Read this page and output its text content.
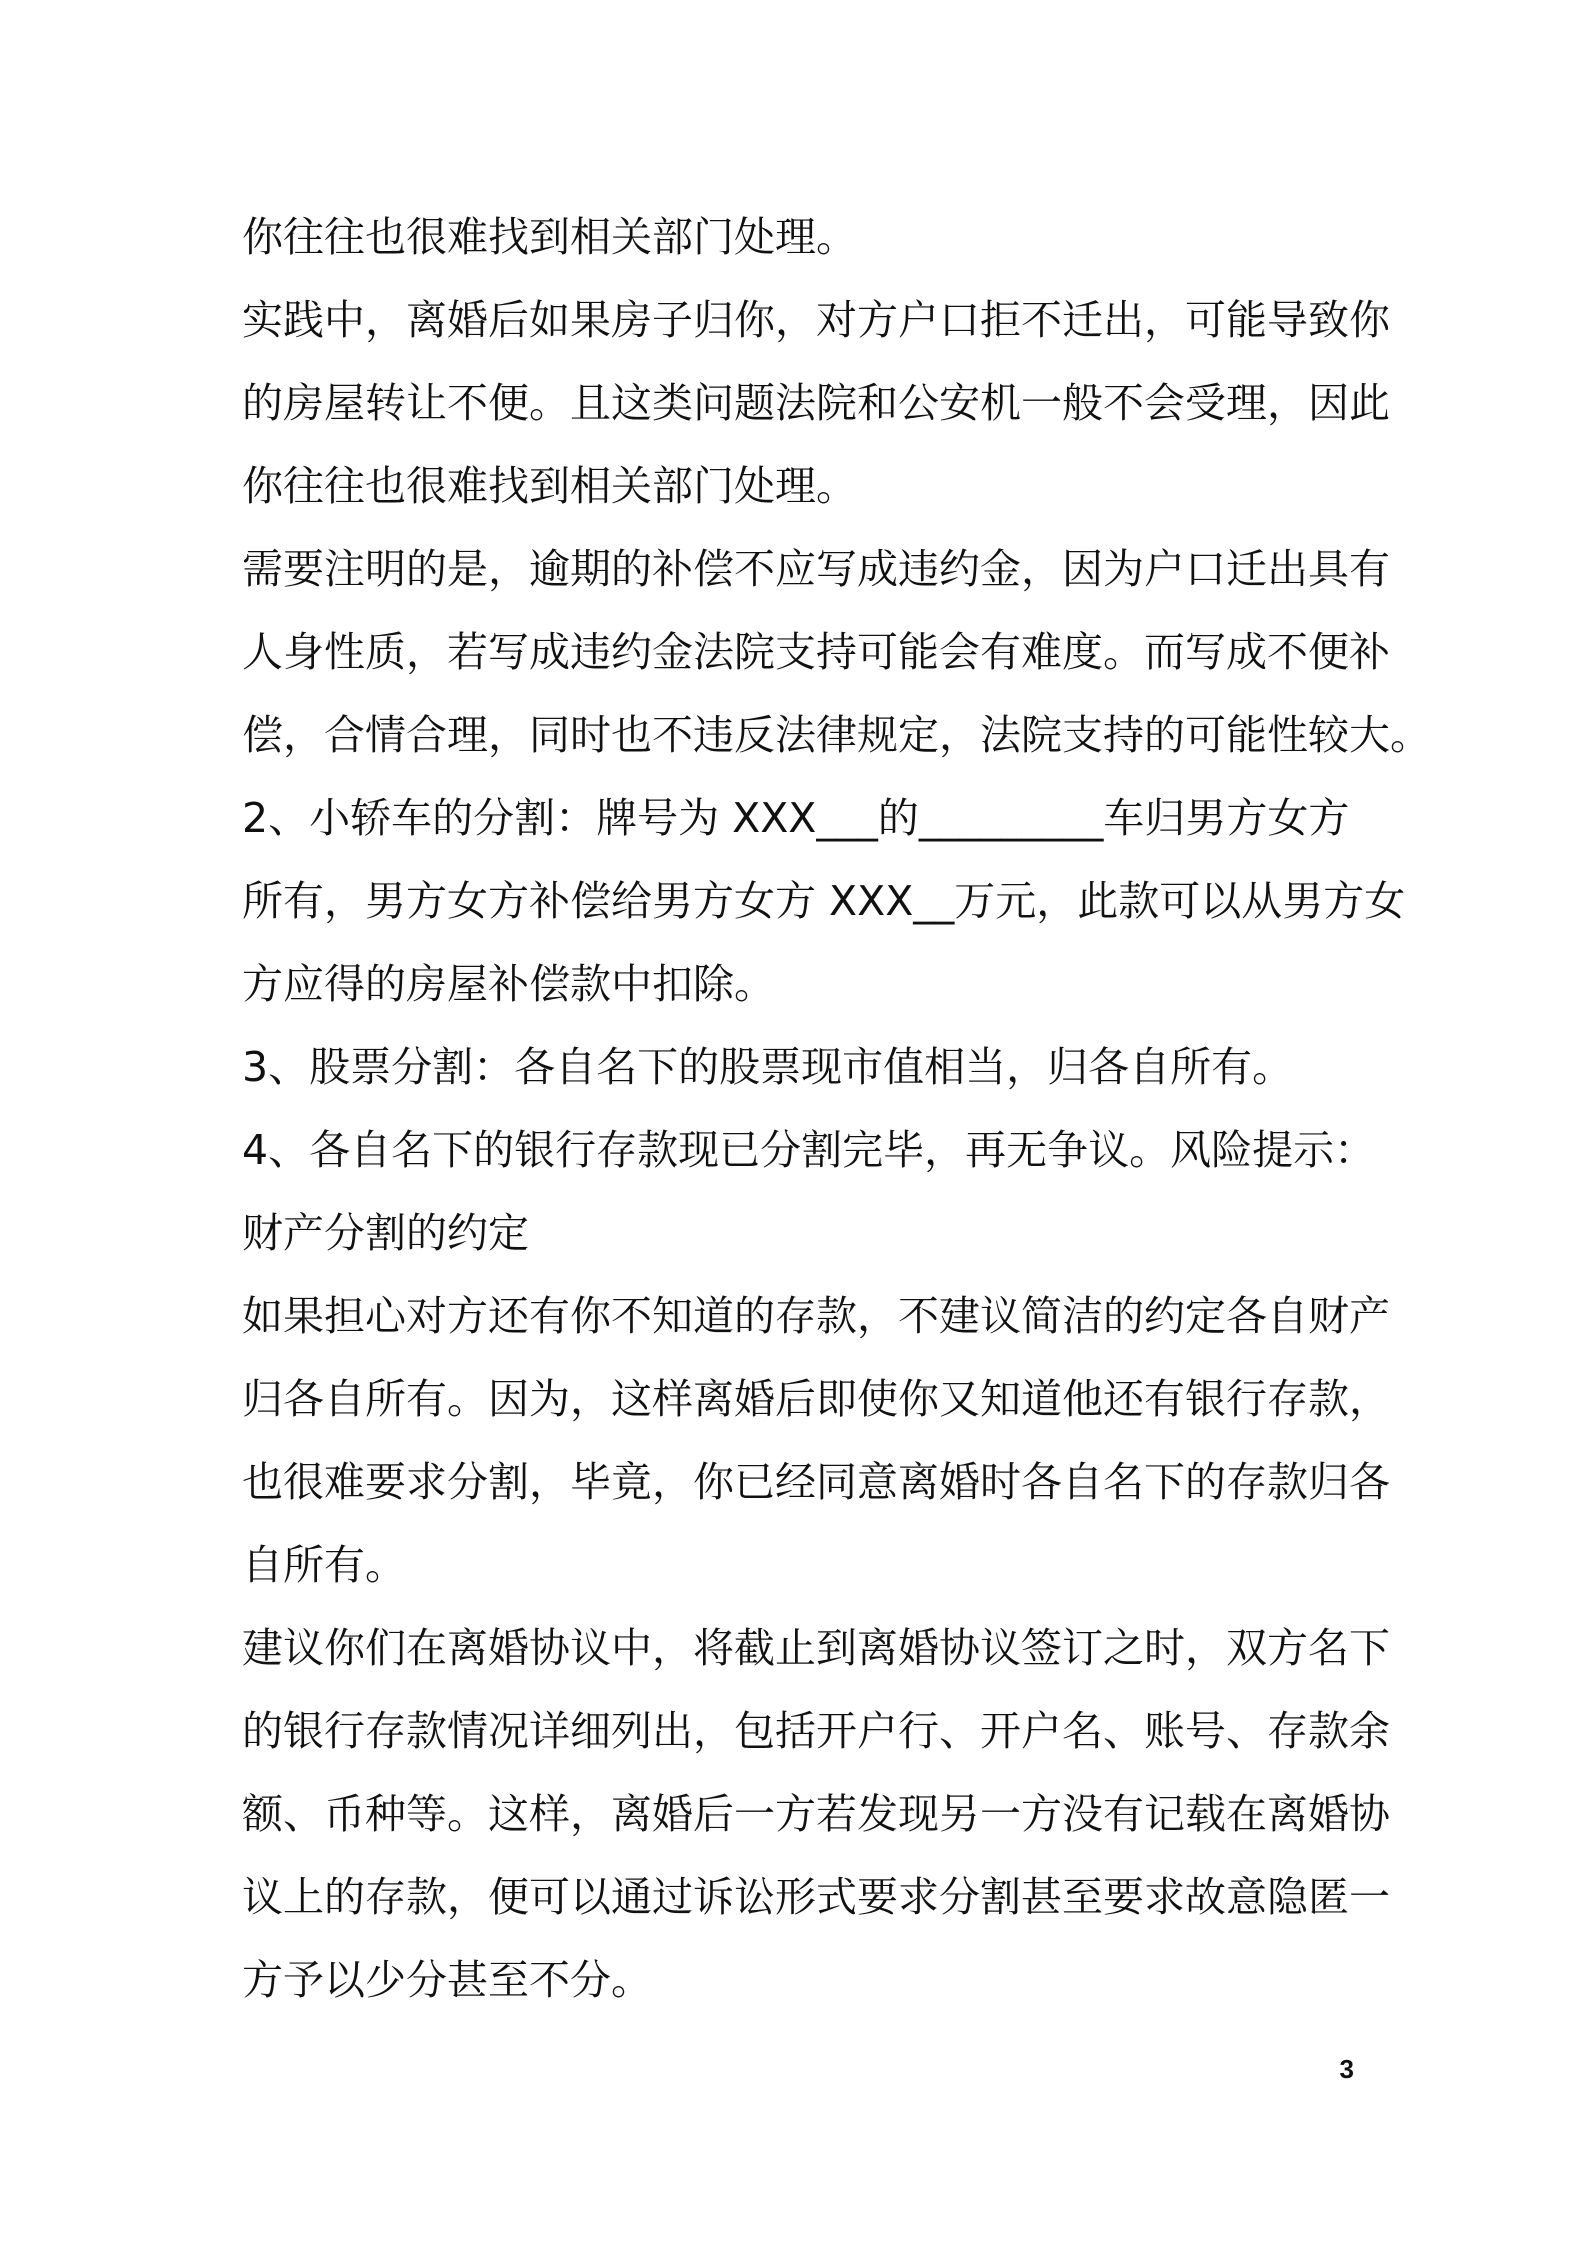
你往往也很难找到相关部门处理。
实践中，离婚后如果房子归你，对方户口拒不迁出，可能导致你
的房屋转让不便。且这类问题法院和公安机一般不会受理，因此
你往往也很难找到相关部门处理。
需要注明的是，逾期的补偿不应写成违约金，因为户口迁出具有
人身性质，若写成违约金法院支持可能会有难度。而写成不便补
偿，合情合理，同时也不违反法律规定，法院支持的可能性较大。
2、小轿车的分割：牌号为 XXX___的_________车归男方女方
所有，男方女方补偿给男方女方 XXX__万元，此款可以从男方女
方应得的房屋补偿款中扣除。
3、股票分割：各自名下的股票现市值相当，归各自所有。
4、各自名下的银行存款现已分割完毕，再无争议。风险提示：
财产分割的约定
如果担心对方还有你不知道的存款，不建议简洁的约定各自财产
归各自所有。因为，这样离婚后即使你又知道他还有银行存款，
也很难要求分割，毕竟，你已经同意离婚时各自名下的存款归各
自所有。
建议你们在离婚协议中，将截止到离婚协议签订之时，双方名下
的银行存款情况详细列出，包括开户行、开户名、账号、存款余
额、币种等。这样，离婚后一方若发现另一方没有记载在离婚协
议上的存款，便可以通过诉讼形式要求分割甚至要求故意隐匿一
方予以少分甚至不分。
3
